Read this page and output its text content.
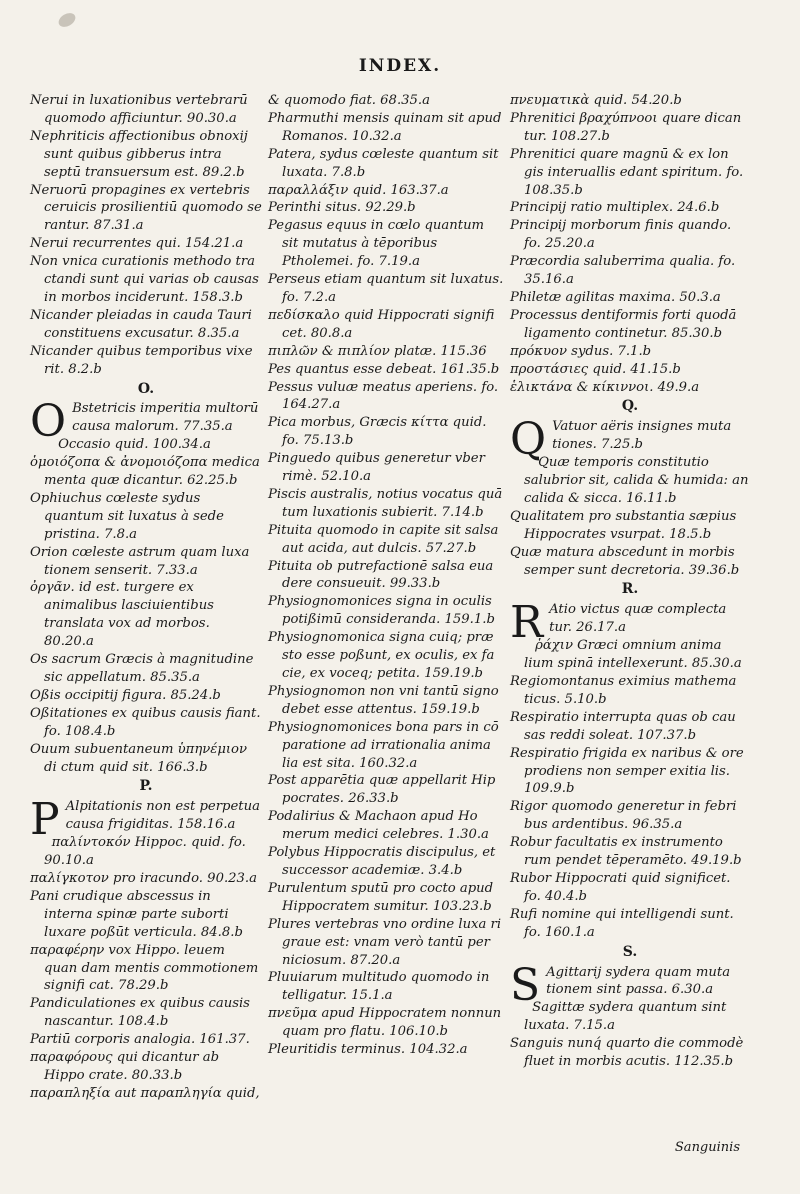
INDEX.
Nerui in luxationibus vertebrarū quomodo afficiuntur. 90.30.a
Nephriticis affectionibus obnoxij sunt quibus gibberus intra septū transuersum est. 89.2.b
Neruorū propagines ex vertebris ceruicis prosilientiū quomodo se rantur. 87.31.a
Nerui recurrentes qui. 154.21.a
Non vnica curationis methodo tra ctandi sunt qui varias ob causas in morbos inciderunt. 158.3.b
Nicander pleiadas in cauda Tauri constituens excusatur. 8.35.a
Nicander quibus temporibus vixe rit. 8.2.b
O.
O Bstetricis imperitia multorū causa malorum. 77.35.a
Occasio quid. 100.34.a
ὁμοιόζοπα & ἀνομοιόζοπα medica menta quæ dicantur. 62.25.b
Ophiuchus cœleste sydus quantum sit luxatus à sede pristina. 7.8.a
Orion cœleste astrum quam luxa tionem senserit. 7.33.a
ὀργᾶν. id est. turgere ex animalibus lasciuientibus translata vox ad morbos. 80.20.a
Os sacrum Græcis à magnitudine sic appellatum. 85.35.a
Oßis occipitij figura. 85.24.b
Oßitationes ex quibus causis fiant. fo. 108.4.b
Ouum subuentaneum ὑπηνέμιον di ctum quid sit. 166.3.b
P.
P Alpitationis non est perpetua causa frigiditas. 158.16.a
παλίντοκόν Hippoc. quid. fo. 90.10.a
παλίγκοτον pro iracundo. 90.23.a
Pani crudique abscessus in interna spinæ parte suborti luxare poßūt verticula. 84.8.b
παραφέρην vox Hippo. leuem quan dam mentis commotionem signifi cat. 78.29.b
Pandiculationes ex quibus causis nascantur. 108.4.b
Partiū corporis analogia. 161.37.
παραφόρους qui dicantur ab Hippo crate. 80.33.b
παραπληξία aut παραπληγία quid,
& quomodo fiat. 68.35.a
Pharmuthi mensis quinam sit apud Romanos. 10.32.a
Patera, sydus cœleste quantum sit luxata. 7.8.b
παραλλάξιν quid. 163.37.a
Perinthi situs. 92.29.b
Pegasus equus in cœlo quantum sit mutatus à tēporibus Ptholemei. fo. 7.19.a
Perseus etiam quantum sit luxatus. fo. 7.2.a
πεδίσκαλο quid Hippocrati signifi cet. 80.8.a
πιπλῶν & πιπλίον platæ. 115.36
Pes quantus esse debeat. 161.35.b
Pessus vuluæ meatus aperiens. fo. 164.27.a
Pica morbus, Græcis κίττα quid. fo. 75.13.b
Pinguedo quibus generetur vber rimè. 52.10.a
Piscis australis, notius vocatus quā tum luxationis subierit. 7.14.b
Pituita quomodo in capite sit salsa aut acida, aut dulcis. 57.27.b
Pituita ob putrefactionē salsa eua dere consueuit. 99.33.b
Physiognomonices signa in oculis potißimū consideranda. 159.1.b
Physiognomonica signa cuiq; præ sto esse poßunt, ex oculis, ex fa cie, ex voceq; petita. 159.19.b
Physiognomon non vni tantū signo debet esse attentus. 159.19.b
Physiognomonices bona pars in cō paratione ad irrationalia anima lia est sita. 160.32.a
Post apparētia quæ appellarit Hip pocrates. 26.33.b
Podalirius & Machaon apud Ho merum medici celebres. 1.30.a
Polybus Hippocratis discipulus, et successor academiæ. 3.4.b
Purulentum sputū pro cocto apud Hippocratem sumitur. 103.23.b
Plures vertebras vno ordine luxa ri graue est: vnam verò tantū per niciosum. 87.20.a
Pluuiarum multitudo quomodo in telligatur. 15.1.a
πνεῦμα apud Hippocratem nonnun quam pro flatu. 106.10.b
Pleuritidis terminus. 104.32.a
πνευματικὰ quid. 54.20.b
Phrenitici βραχύπνοοι quare dican tur. 108.27.b
Phrenitici quare magnū & ex lon gis interuallis edant spiritum. fo. 108.35.b
Principij ratio multiplex. 24.6.b
Principij morborum finis quando. fo. 25.20.a
Præcordia saluberrima qualia. fo. 35.16.a
Philetæ agilitas maxima. 50.3.a
Processus dentiformis forti quodā ligamento continetur. 85.30.b
πρόκυον sydus. 7.1.b
προστάσιες quid. 41.15.b
ἑλικτάνα & κίκιννοι. 49.9.a
Q.
Q Vatuor aëris insignes muta tiones. 7.25.b
Quæ temporis constitutio salubrior sit, calida & humida: an calida & sicca. 16.11.b
Qualitatem pro substantia sæpius Hippocrates vsurpat. 18.5.b
Quæ matura abscedunt in morbis semper sunt decretoria. 39.36.b
R.
R Atio victus quæ complecta tur. 26.17.a
ῥάχιν Græci omnium anima lium spinā intellexerunt. 85.30.a
Regiomontanus eximius mathema ticus. 5.10.b
Respiratio interrupta quas ob cau sas reddi soleat. 107.37.b
Respiratio frigida ex naribus & ore prodiens non semper exitia lis. 109.9.b
Rigor quomodo generetur in febri bus ardentibus. 96.35.a
Robur facultatis ex instrumento rum pendet tēperamēto. 49.19.b
Rubor Hippocrati quid significet. fo. 40.4.b
Rufi nomine qui intelligendi sunt. fo. 160.1.a
S.
S Agittarij sydera quam muta tionem sint passa. 6.30.a
Sagittæ sydera quantum sint luxata. 7.15.a
Sanguis nunq́ quarto die commodè fluet in morbis acutis. 112.35.b
Sanguinis
